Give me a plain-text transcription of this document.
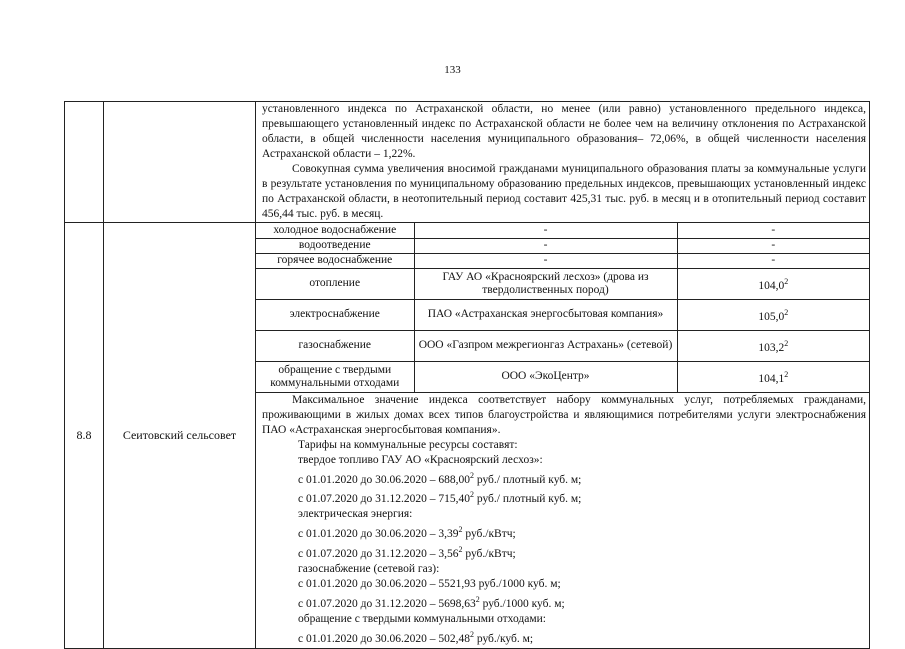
133

установленного индекса по Астраханской области, но менее (или равно) установленного предельного индекса, превышающего установленный индекс по Астраханской области не более чем на величину отклонения по Астраханской области, в общей численности населения муниципального образования– 72,06%, в общей численности населения Астраханской области – 1,22%.
Совокупная сумма увеличения вносимой гражданами муниципального образования платы за коммунальные услуги в результате установления по муниципальному образованию предельных индексов, превышающих установленный индекс по Астраханской области, в неотопительный период составит 425,31 тыс. руб. в месяц и в отопительный период составит 456,44 тыс. руб. в месяц.

8.8	Сеитовский сельсовет	
холодное водоснабжение	-	-
водоотведение	-	-
горячее водоснабжение	-	-
отопление	ГАУ АО «Красноярский лесхоз» (дрова из твердолиственных пород)	104,0$^2$
электроснабжение	ПАО «Астраханская энергосбытовая компания»	105,0$^2$
газоснабжение	ООО «Газпром межрегионгаз Астрахань» (сетевой)	103,2$^2$
обращение с твердыми коммунальными отходами	ООО «ЭкоЦентр»	104,1$^2$
Максимальное значение индекса соответствует набору коммунальных услуг, потребляемых гражданами, проживающими в жилых домах всех типов благоустройства и являющимися потребителями услуги электроснабжения ПАО «Астраханская энергосбытовая компания».
Тарифы на коммунальные ресурсы составят:
твердое топливо ГАУ АО «Красноярский лесхоз»:
с 01.01.2020 до 30.06.2020 – 688,00$^2$ руб./ плотный куб. м;
с 01.07.2020 до 31.12.2020 – 715,40$^2$ руб./ плотный куб. м;
электрическая энергия:
с 01.01.2020 до 30.06.2020 – 3,39$^2$ руб./кВтч;
с 01.07.2020 до 31.12.2020 – 3,56$^2$ руб./кВтч;
газоснабжение (сетевой газ):
с 01.01.2020 до 30.06.2020 – 5521,93 руб./1000 куб. м;
с 01.07.2020 до 31.12.2020 – 5698,63$^2$ руб./1000 куб. м;
обращение с твердыми коммунальными отходами:
с 01.01.2020 до 30.06.2020 – 502,48$^2$ руб./куб. м;
